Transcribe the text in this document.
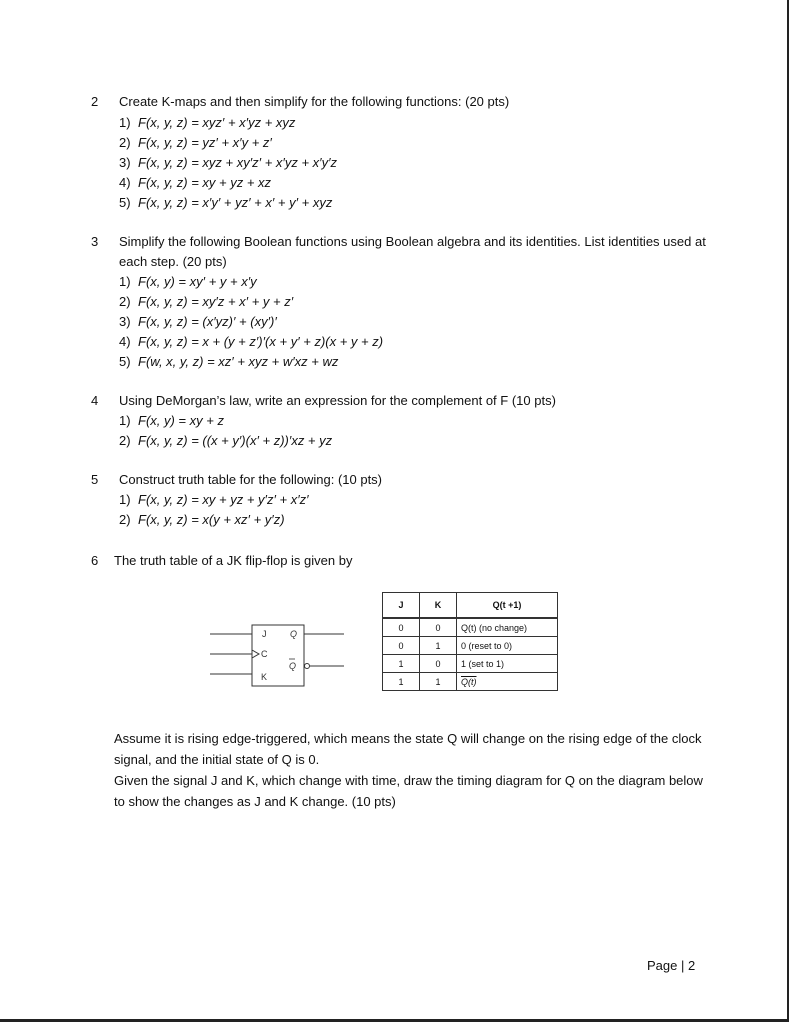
2	Create K-maps and then simplify for the following functions: (20 pts)
1) F(x, y, z) = xyz′ + x′yz + xyz
2) F(x, y, z) = yz′ + x′y + z′
3) F(x, y, z) = xyz + xy′z′ + x′yz + x′y′z
4) F(x, y, z) = xy + yz + xz
5) F(x, y, z) = x′y′ + yz′ + x′ + y′ + xyz
3	Simplify the following Boolean functions using Boolean algebra and its identities. List identities used at each step. (20 pts)
1) F(x, y) = xy′ + y + x′y
2) F(x, y, z) = xy′z + x′ + y + z′
3) F(x, y, z) = (x′yz)′ + (xy′)′
4) F(x, y, z) = x + (y + z′)′(x + y′ + z)(x + y + z)
5) F(w, x, y, z) = xz′ + xyz + w′xz + wz
4	Using DeMorgan’s law, write an expression for the complement of F (10 pts)
1) F(x, y) = xy + z
2) F(x, y, z) = ((x + y′)(x′ + z))′xz + yz
5	Construct truth table for the following: (10 pts)
1) F(x, y, z) = xy + yz + y′z′ + x′z′
2) F(x, y, z) = x(y + xz′ + y′z)
6	The truth table of a JK flip-flop is given by
J	Q
C
Q
K
J	K	Q(t +1)
0	0	Q(t) (no change)
0	1	0 (reset to 0)
1	0	1 (set to 1)
1	1	Q(t)
Assume it is rising edge-triggered, which means the state Q will change on the rising edge of the clock signal, and the initial state of Q is 0.
Given the signal J and K, which change with time, draw the timing diagram for Q on the diagram below to show the changes as J and K change. (10 pts)
Page | 2
